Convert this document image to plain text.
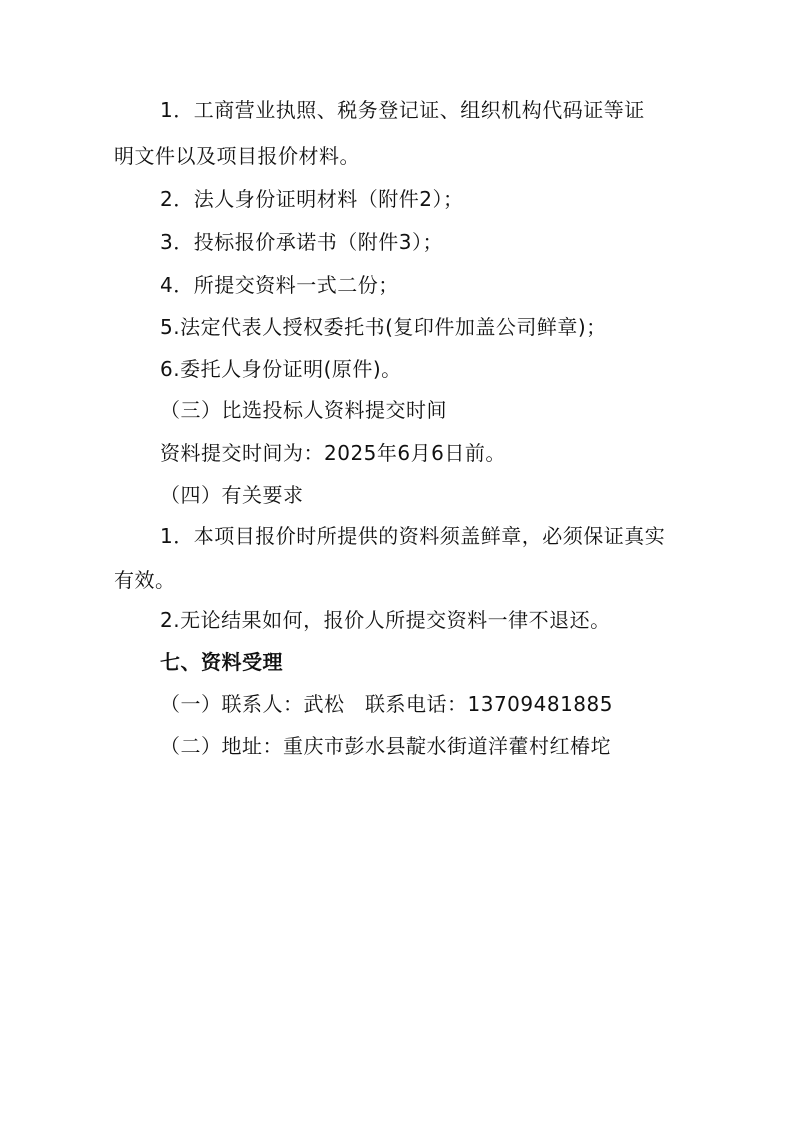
1．工商营业执照、税务登记证、组织机构代码证等证
明文件以及项目报价材料。
2．法人身份证明材料（附件2）；
3．投标报价承诺书（附件3）；
4．所提交资料一式二份；
5.法定代表人授权委托书(复印件加盖公司鲜章)；
6.委托人身份证明(原件)。
（三）比选投标人资料提交时间
资料提交时间为：2025年6月6日前。
（四）有关要求
1．本项目报价时所提供的资料须盖鲜章，必须保证真实
有效。
2.无论结果如何，报价人所提交资料一律不退还。
七、资料受理
（一）联系人：武松　联系电话：13709481885
（二）地址：重庆市彭水县靛水街道洋藿村红椿坨
